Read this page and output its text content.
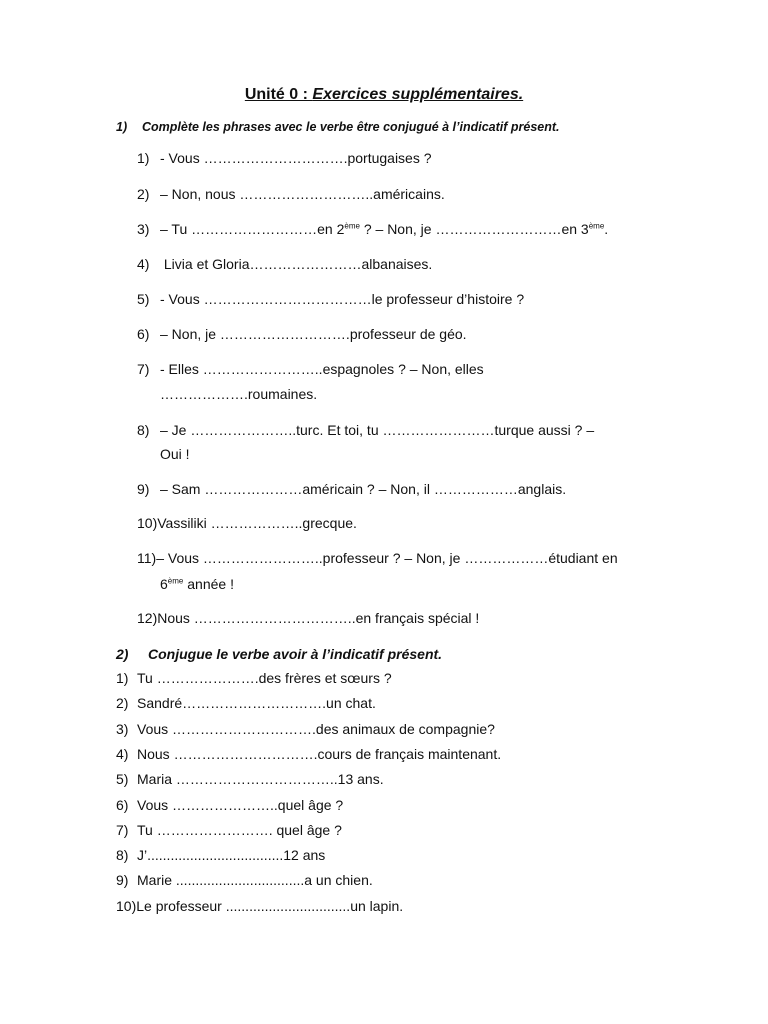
Unité 0 : Exercices supplémentaires.
1) Complète les phrases avec le verbe être conjugué à l’indicatif présent.
1) - Vous ………………………….portugaises ?
2) – Non, nous ………………………..américains.
3) – Tu ………………………en 2ème ? – Non, je ………………………en 3ème.
4) Livia et Gloria……………………albanaises.
5) - Vous ………………………………le professeur d’histoire ?
6) – Non, je ……………………….professeur de géo.
7) - Elles ……………………..espagnoles ? – Non, elles
……………….roumaines.
8) – Je …………………..turc. Et toi, tu ……………………turque aussi ? –
Oui !
9) – Sam …………………américain ? – Non, il ………………anglais.
10)Vassiliki ………………..grecque.
11)– Vous ……………………..professeur ? – Non, je ………………étudiant en
6ème année !
12)Nous ……………………………..en français spécial !
2) Conjugue le verbe avoir à l’indicatif présent.
1) Tu ………………….des frères et sœurs ?
2) Sandré………………………….un chat.
3) Vous ………………………….des animaux de compagnie?
4) Nous ………………………….cours de français maintenant.
5) Maria ……………………………..13 ans.
6) Vous …………………..quel âge ?
7) Tu ……………………. quel âge ?
8) J’...................................12 ans
9) Marie .................................a un chien.
10)Le professeur ................................un lapin.
